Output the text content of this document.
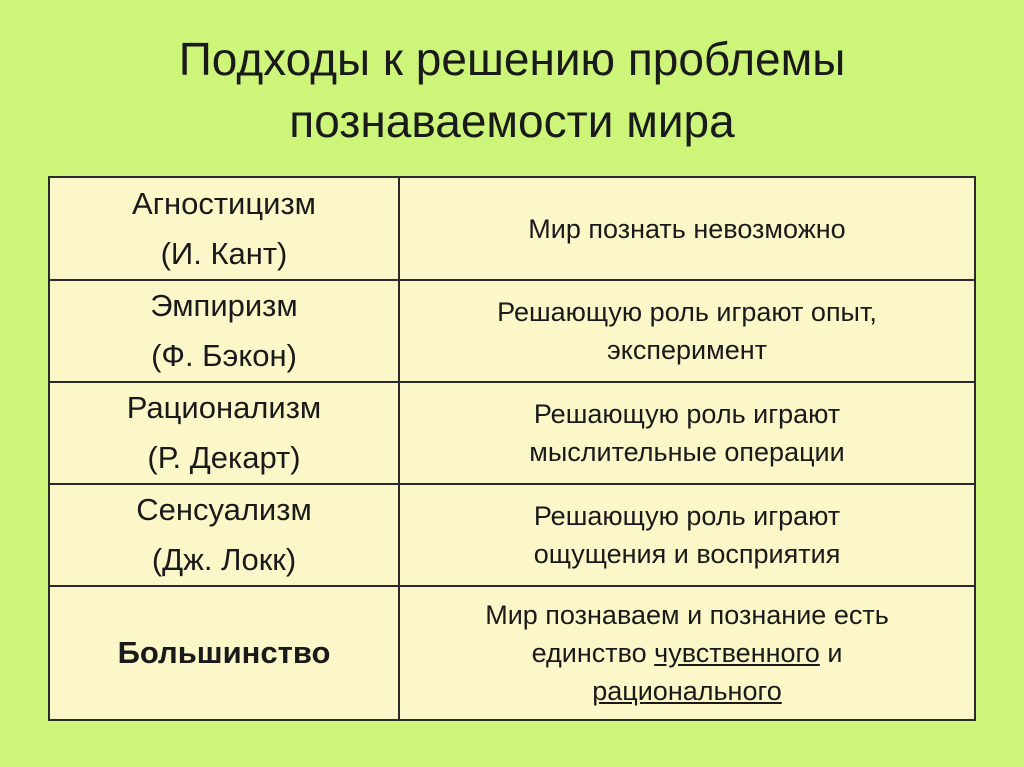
Подходы к решению проблемы
познаваемости мира
Агностицизм
(И. Кант)	Мир познать невозможно

Эмпиризм
(Ф. Бэкон)	Решающую роль играют опыт,
эксперимент

Рационализм
(Р. Декарт)	Решающую роль играют
мыслительные операции

Сенсуализм
(Дж. Локк)	Решающую роль играют
ощущения и восприятия

Большинство	Мир познаваем и познание есть
единство чувственного и
рационального
